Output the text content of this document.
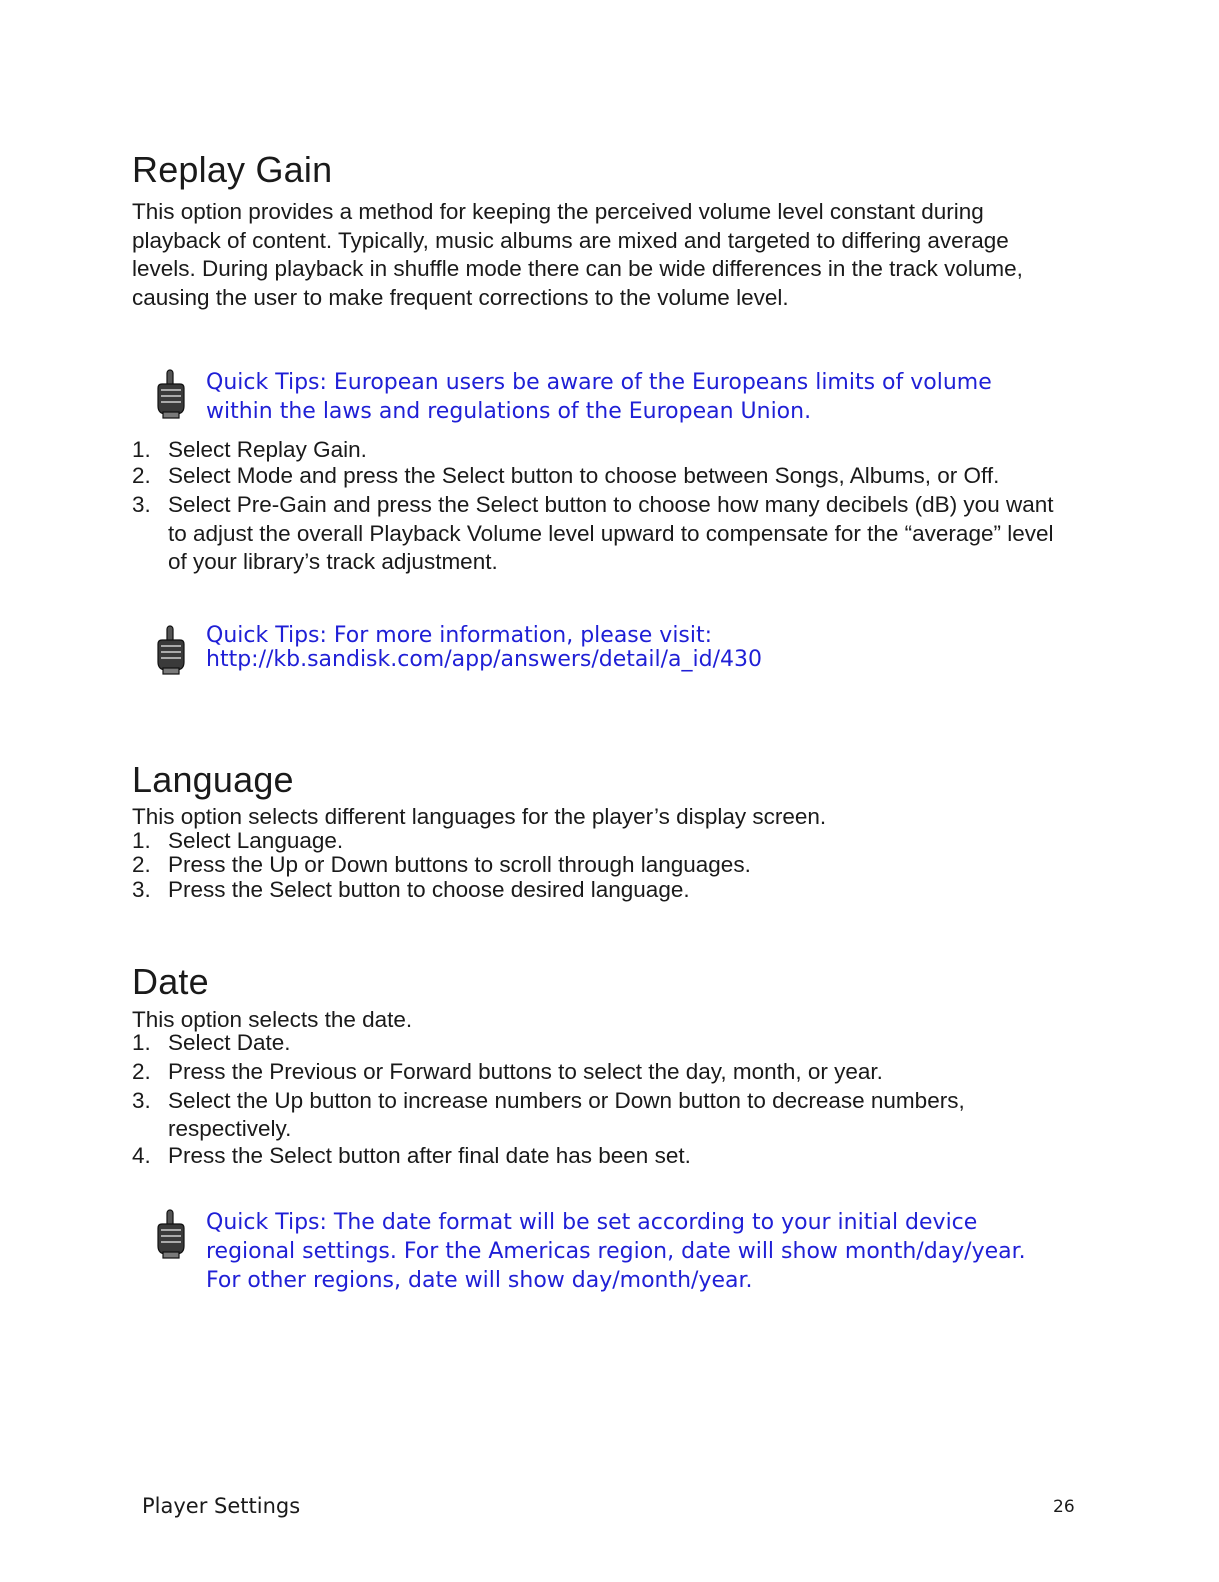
Replay Gain

This option provides a method for keeping the perceived volume level constant during playback of content. Typically, music albums are mixed and targeted to differing average levels. During playback in shuffle mode there can be wide differences in the track volume, causing the user to make frequent corrections to the volume level.

Quick Tips: European users be aware of the Europeans limits of volume within the laws and regulations of the European Union.
1. Select Replay Gain.
2. Select Mode and press the Select button to choose between Songs, Albums, or Off.
3. Select Pre-Gain and press the Select button to choose how many decibels (dB) you want to adjust the overall Playback Volume level upward to compensate for the “average” level of your library’s track adjustment.
Quick Tips: For more information, please visit:
http://kb.sandisk.com/app/answers/detail/a_id/430
Language

This option selects different languages for the player’s display screen.

1. Select Language.
2. Press the Up or Down buttons to scroll through languages.
3. Press the Select button to choose desired language.
Date

This option selects the date.

1. Select Date.
2. Press the Previous or Forward buttons to select the day, month, or year.
3. Select the Up button to increase numbers or Down button to decrease numbers, respectively.
4. Press the Select button after final date has been set.
Quick Tips: The date format will be set according to your initial device regional settings. For the Americas region, date will show month/day/year. For other regions, date will show day/month/year.
Player Settings	26
